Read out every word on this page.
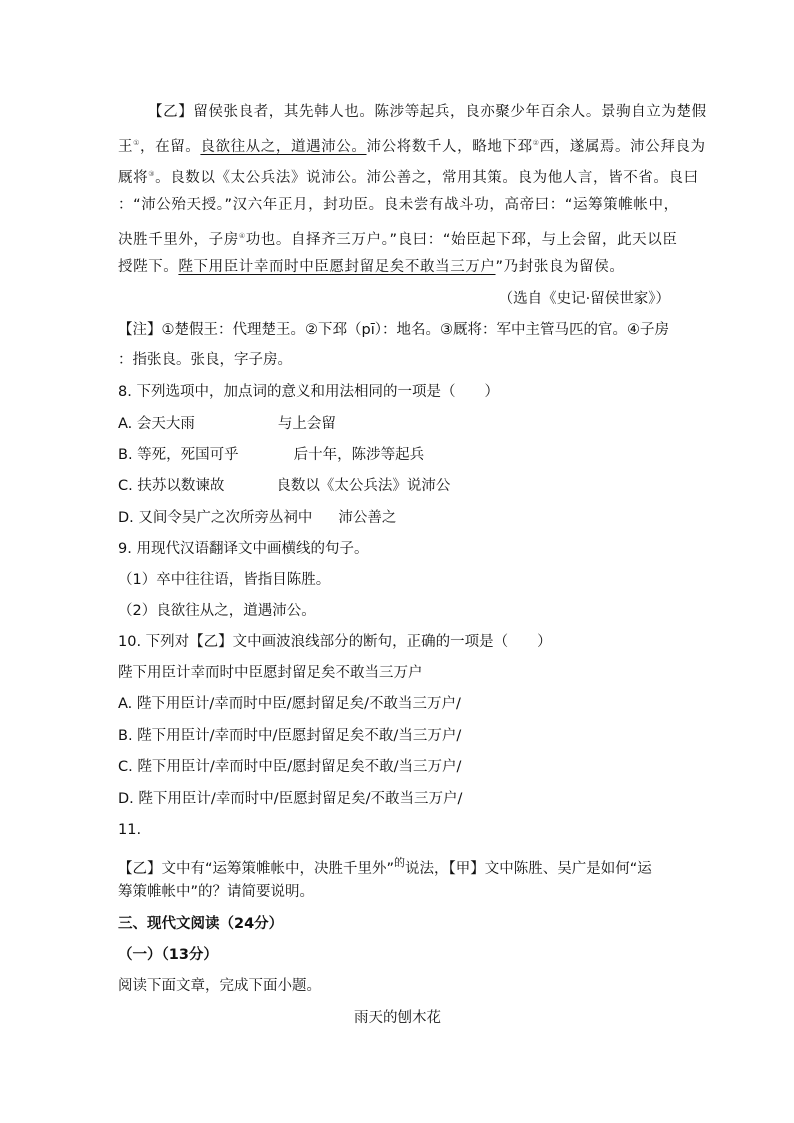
【乙】留侯张良者，其先韩人也。陈涉等起兵，良亦聚少年百余人。景驹自立为楚假
王①，在留。良欲往从之，道遇沛公。沛公将数千人，略地下邳②西，遂属焉。沛公拜良为
厩将③。良数以《太公兵法》说沛公。沛公善之，常用其策。良为他人言，皆不省。良曰
：“沛公殆天授。”汉六年正月，封功臣。良未尝有战斗功，高帝曰：“运筹策帷帐中，
决胜千里外，子房④功也。自择齐三万户。”良曰：“始臣起下邳，与上会留，此天以臣
授陛下。陛下用臣计幸而时中臣愿封留足矣不敢当三万户”乃封张良为留侯。
（选自《史记·留侯世家》）
【注】①楚假王：代理楚王。②下邳（pī）：地名。③厩将：军中主管马匹的官。④子房
：指张良。张良，字子房。
8. 下列选项中，加点词的意义和用法相同的一项是（　　）
A. 会天大雨	与上会留
B. 等死，死国可乎	后十年，陈涉等起兵
C. 扶苏以数谏故	良数以《太公兵法》说沛公
D. 又间令吴广之次所旁丛祠中 沛公善之
9. 用现代汉语翻译文中画横线的句子。
（1）卒中往往语，皆指目陈胜。
（2）良欲往从之，道遇沛公。
10. 下列对【乙】文中画波浪线部分的断句，正确的一项是（　　）
陛下用臣计幸而时中臣愿封留足矣不敢当三万户
A. 陛下用臣计/幸而时中臣/愿封留足矣/不敢当三万户/
B. 陛下用臣计/幸而时中/臣愿封留足矣不敢/当三万户/
C. 陛下用臣计/幸而时中臣/愿封留足矣不敢/当三万户/
D. 陛下用臣计/幸而时中/臣愿封留足矣/不敢当三万户/
11.
【乙】文中有“运筹策帷帐中，决胜千里外”$^的$说法，【甲】文中陈胜、吴广是如何“运
筹策帷帐中”的？请简要说明。
三、现代文阅读（24分）
（一）（13分）
阅读下面文章，完成下面小题。
雨天的刨木花
